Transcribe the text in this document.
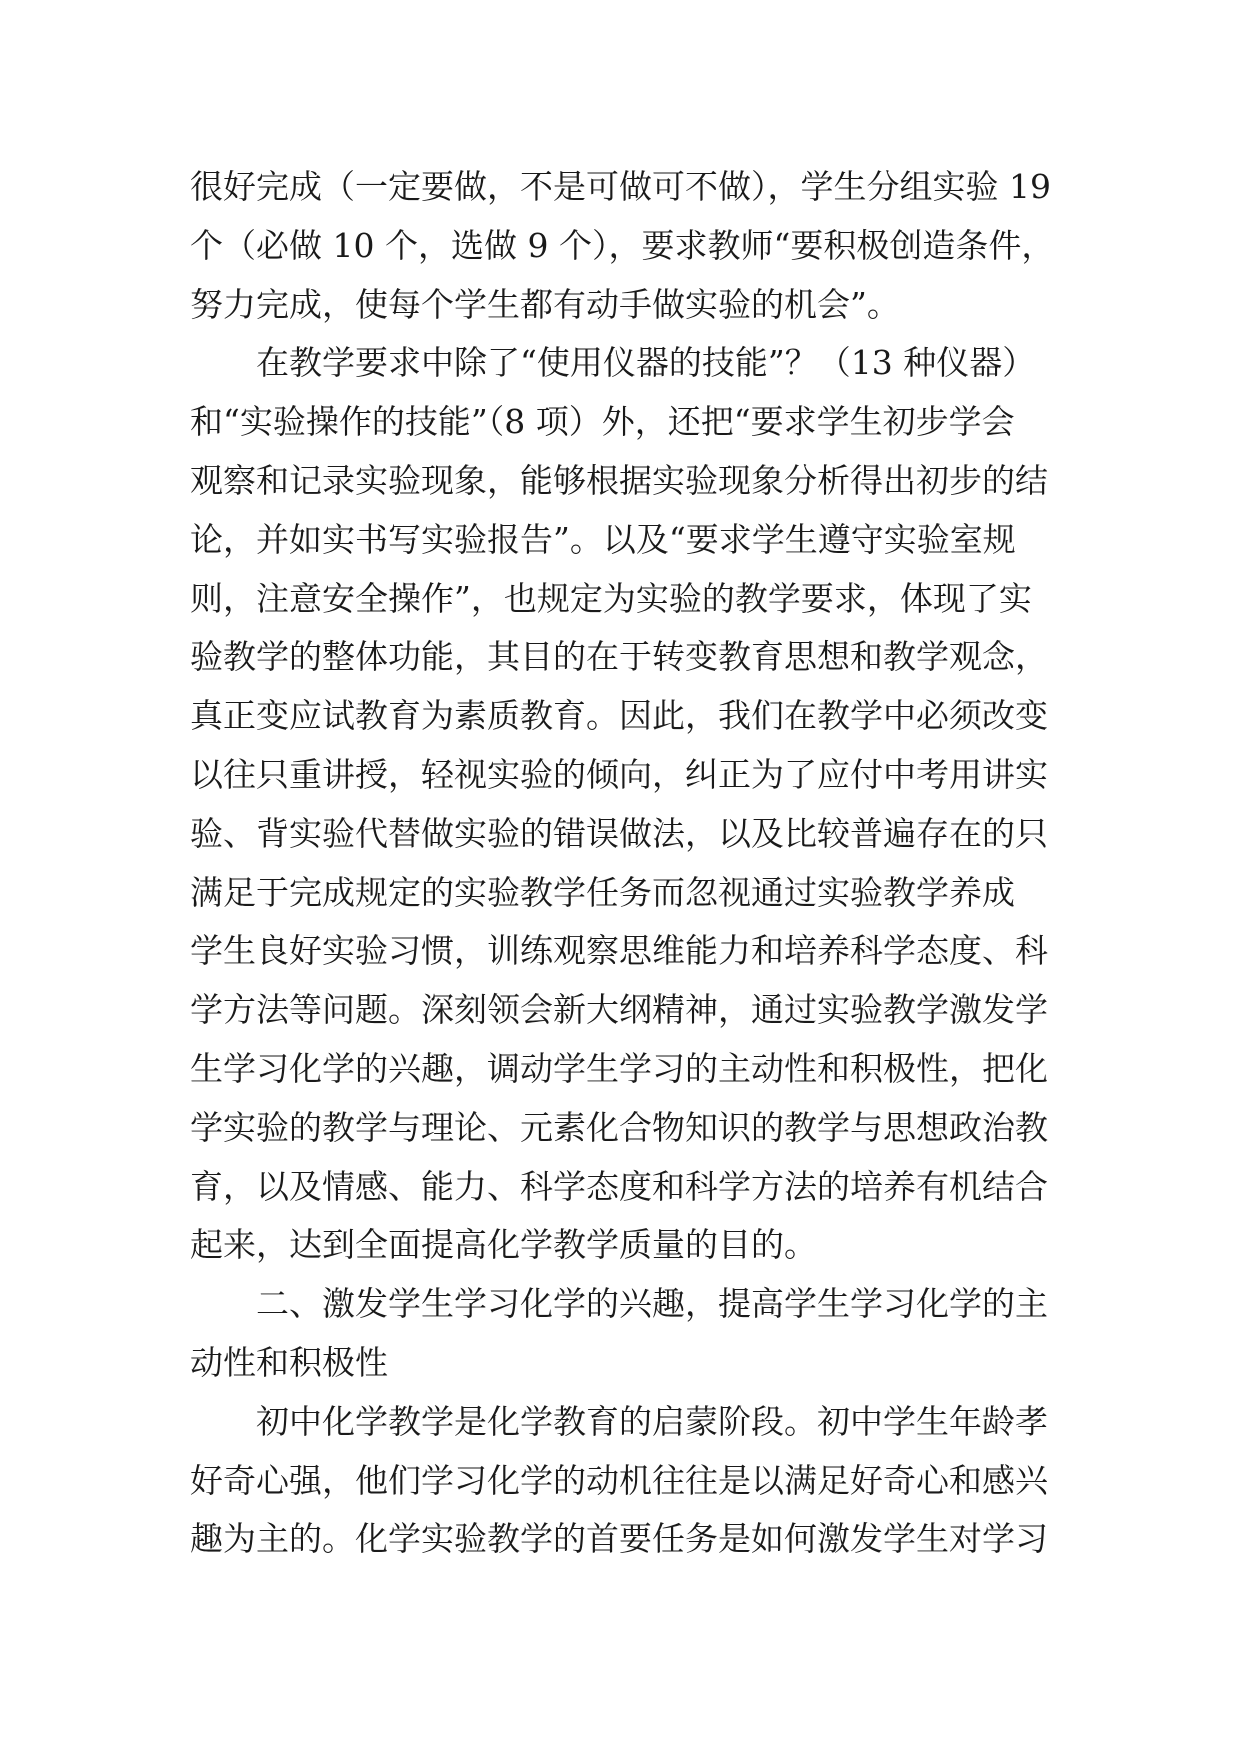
很好完成（一定要做，不是可做可不做），学生分组实验 19
个（必做 10 个，选做 9 个），要求教师“要积极创造条件，
努力完成，使每个学生都有动手做实验的机会”。
在教学要求中除了“使用仪器的技能”？（13 种仪器）
和“实验操作的技能”（8 项）外，还把“要求学生初步学会
观察和记录实验现象，能够根据实验现象分析得出初步的结
论，并如实书写实验报告”。以及“要求学生遵守实验室规
则，注意安全操作”，也规定为实验的教学要求，体现了实
验教学的整体功能，其目的在于转变教育思想和教学观念，
真正变应试教育为素质教育。因此，我们在教学中必须改变
以往只重讲授，轻视实验的倾向，纠正为了应付中考用讲实
验、背实验代替做实验的错误做法，以及比较普遍存在的只
满足于完成规定的实验教学任务而忽视通过实验教学养成
学生良好实验习惯，训练观察思维能力和培养科学态度、科
学方法等问题。深刻领会新大纲精神，通过实验教学激发学
生学习化学的兴趣，调动学生学习的主动性和积极性，把化
学实验的教学与理论、元素化合物知识的教学与思想政治教
育，以及情感、能力、科学态度和科学方法的培养有机结合
起来，达到全面提高化学教学质量的目的。
二、激发学生学习化学的兴趣，提高学生学习化学的主
动性和积极性
初中化学教学是化学教育的启蒙阶段。初中学生年龄孝
好奇心强，他们学习化学的动机往往是以满足好奇心和感兴
趣为主的。化学实验教学的首要任务是如何激发学生对学习
